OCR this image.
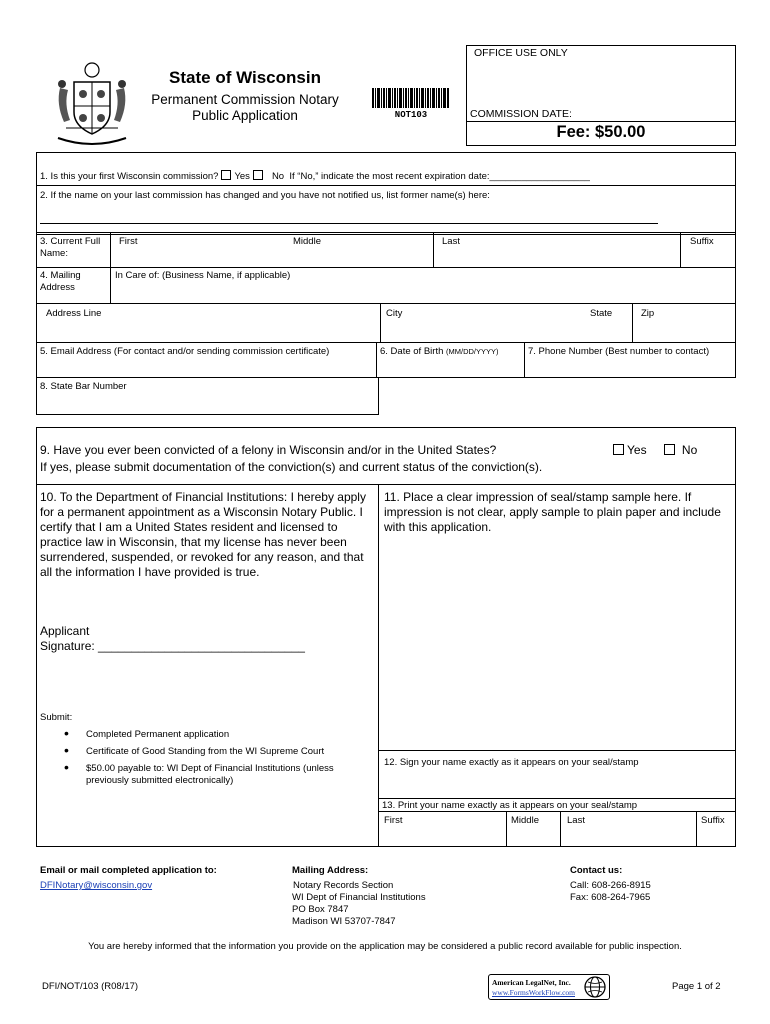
State of Wisconsin
Permanent Commission Notary Public Application	NOT103
OFFICE USE ONLY
COMMISSION DATE:
Fee: $50.00
1. Is this your first Wisconsin commission? Yes No If “No,” indicate the most recent expiration date:___________________
2. If the name on your last commission has changed and you have not notified us, list former name(s) here:
3. Current Full Name:
First	Middle	Last	Suffix
4. Mailing Address
In Care of: (Business Name, if applicable)
Address Line	City	State	Zip
5. Email Address (For contact and/or sending commission certificate)	6. Date of Birth (MM/DD/YYYY)	7. Phone Number (Best number to contact)
8. State Bar Number
9. Have you ever been convicted of a felony in Wisconsin and/or in the United States?	Yes	No
If yes, please submit documentation of the conviction(s) and current status of the conviction(s).
10. To the Department of Financial Institutions: I hereby apply for a permanent appointment as a Wisconsin Notary Public. I certify that I am a United States resident and licensed to practice law in Wisconsin, that my license has never been surrendered, suspended, or revoked for any reason, and that all the information I have provided is true.
Applicant
Signature: _______________________________
Submit:
• Completed Permanent application
• Certificate of Good Standing from the WI Supreme Court
• $50.00 payable to: WI Dept of Financial Institutions (unless previously submitted electronically)
11. Place a clear impression of seal/stamp sample here. If impression is not clear, apply sample to plain paper and include with this application.
12. Sign your name exactly as it appears on your seal/stamp
13. Print your name exactly as it appears on your seal/stamp
First	Middle	Last	Suffix
Email or mail completed application to:
DFINotary@wisconsin.gov
Mailing Address:
Notary Records Section
WI Dept of Financial Institutions
PO Box 7847
Madison WI 53707-7847
Contact us:
Call: 608-266-8915
Fax: 608-264-7965
You are hereby informed that the information you provide on the application may be considered a public record available for public inspection.
DFI/NOT/103 (R08/17)	American LegalNet, Inc.
www.FormsWorkFlow.com
Page 1 of 2
